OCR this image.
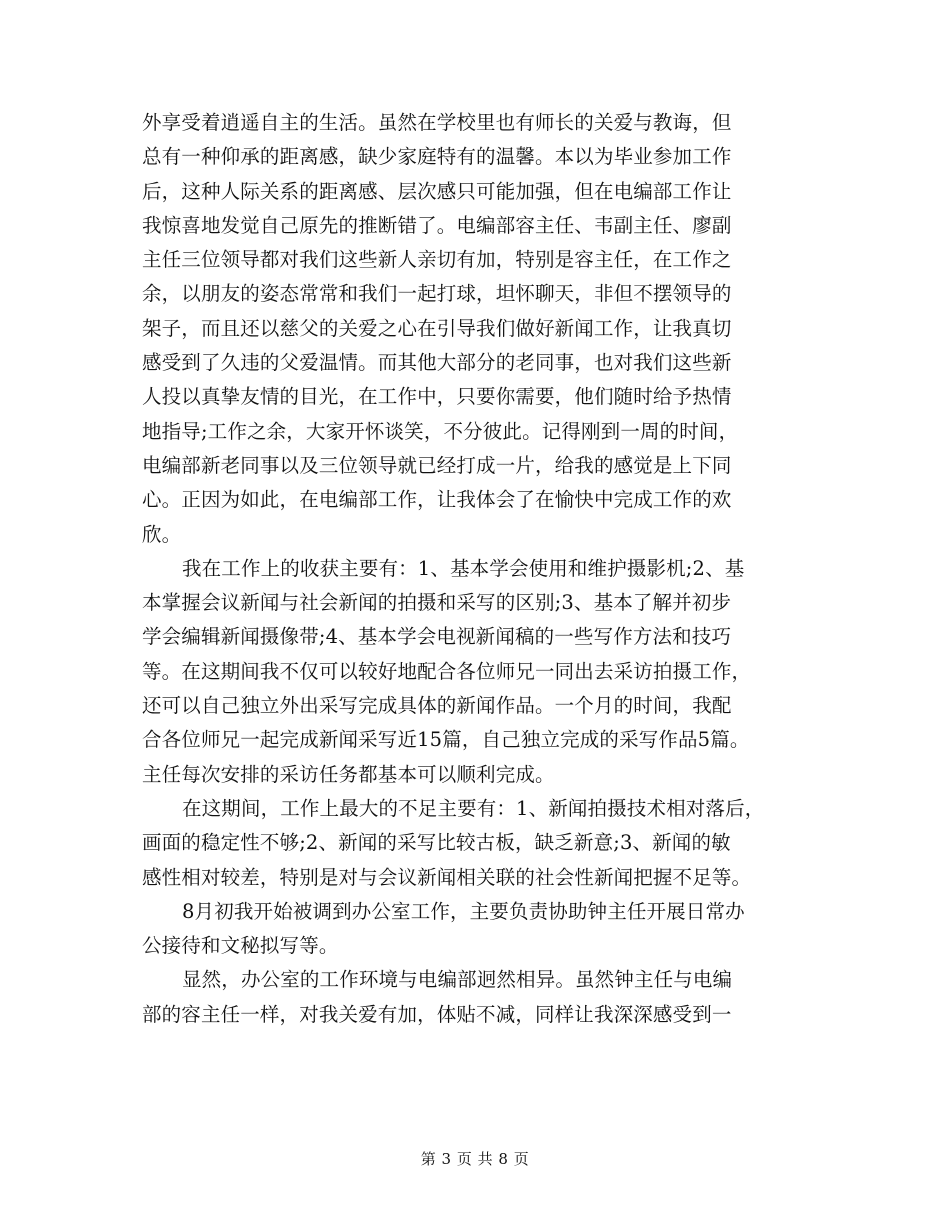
外享受着逍遥自主的生活。虽然在学校里也有师长的关爱与教诲，但
总有一种仰承的距离感，缺少家庭特有的温馨。本以为毕业参加工作
后，这种人际关系的距离感、层次感只可能加强，但在电编部工作让
我惊喜地发觉自己原先的推断错了。电编部容主任、韦副主任、廖副
主任三位领导都对我们这些新人亲切有加，特别是容主任，在工作之
余，以朋友的姿态常常和我们一起打球，坦怀聊天，非但不摆领导的
架子，而且还以慈父的关爱之心在引导我们做好新闻工作，让我真切
感受到了久违的父爱温情。而其他大部分的老同事，也对我们这些新
人投以真挚友情的目光，在工作中，只要你需要，他们随时给予热情
地指导;工作之余，大家开怀谈笑，不分彼此。记得刚到一周的时间，
电编部新老同事以及三位领导就已经打成一片，给我的感觉是上下同
心。正因为如此，在电编部工作，让我体会了在愉快中完成工作的欢
欣。
我在工作上的收获主要有：1、基本学会使用和维护摄影机;2、基
本掌握会议新闻与社会新闻的拍摄和采写的区别;3、基本了解并初步
学会编辑新闻摄像带;4、基本学会电视新闻稿的一些写作方法和技巧
等。在这期间我不仅可以较好地配合各位师兄一同出去采访拍摄工作，
还可以自己独立外出采写完成具体的新闻作品。一个月的时间，我配
合各位师兄一起完成新闻采写近15篇，自己独立完成的采写作品5篇。
主任每次安排的采访任务都基本可以顺利完成。
在这期间，工作上最大的不足主要有：1、新闻拍摄技术相对落后，
画面的稳定性不够;2、新闻的采写比较古板，缺乏新意;3、新闻的敏
感性相对较差，特别是对与会议新闻相关联的社会性新闻把握不足等。
8月初我开始被调到办公室工作，主要负责协助钟主任开展日常办
公接待和文秘拟写等。
显然，办公室的工作环境与电编部迥然相异。虽然钟主任与电编
部的容主任一样，对我关爱有加，体贴不减，同样让我深深感受到一
第 3 页 共 8 页
